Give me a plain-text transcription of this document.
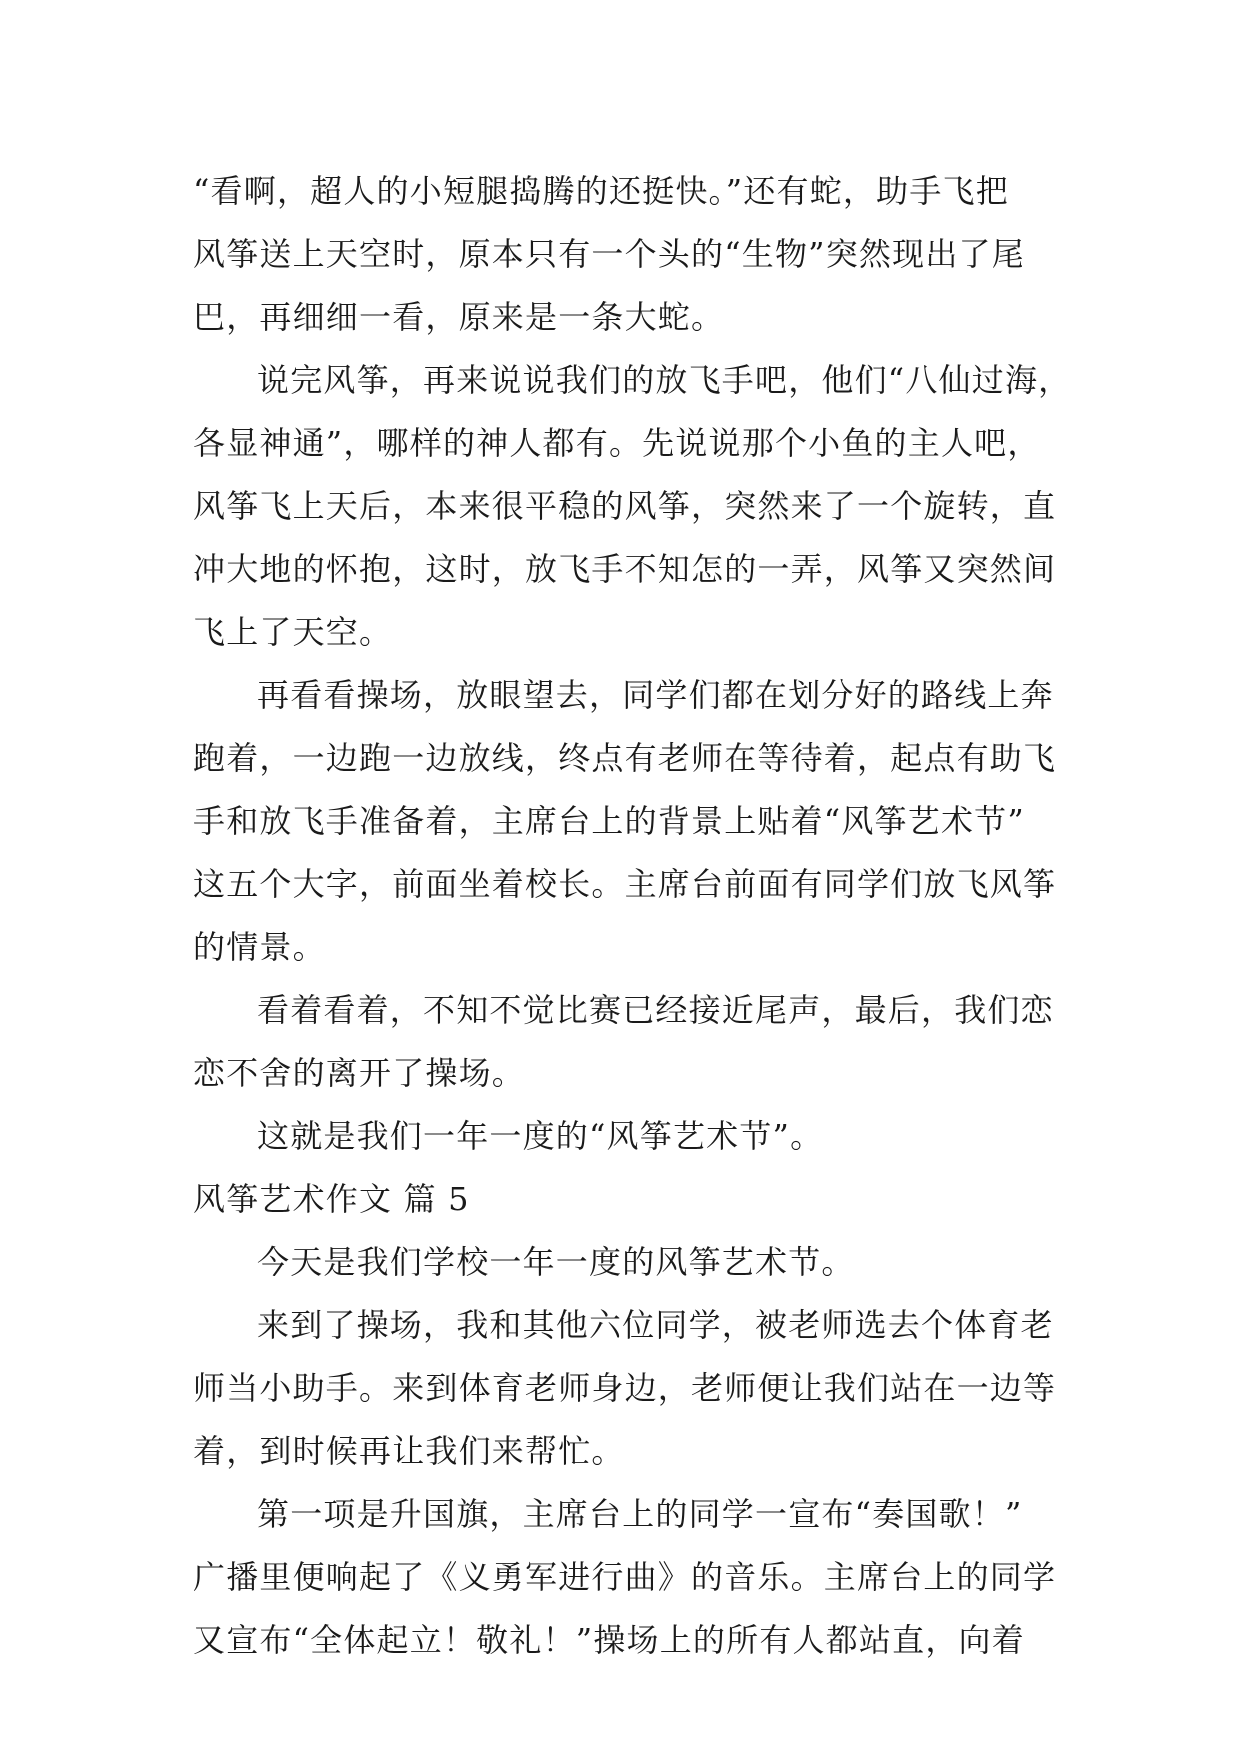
“看啊，超人的小短腿捣腾的还挺快。”还有蛇，助手飞把
风筝送上天空时，原本只有一个头的“生物”突然现出了尾
巴，再细细一看，原来是一条大蛇。
说完风筝，再来说说我们的放飞手吧，他们“八仙过海，
各显神通”，哪样的神人都有。先说说那个小鱼的主人吧，
风筝飞上天后，本来很平稳的风筝，突然来了一个旋转，直
冲大地的怀抱，这时，放飞手不知怎的一弄，风筝又突然间
飞上了天空。
再看看操场，放眼望去，同学们都在划分好的路线上奔
跑着，一边跑一边放线，终点有老师在等待着，起点有助飞
手和放飞手准备着，主席台上的背景上贴着“风筝艺术节”
这五个大字，前面坐着校长。主席台前面有同学们放飞风筝
的情景。
看着看着，不知不觉比赛已经接近尾声，最后，我们恋
恋不舍的离开了操场。
这就是我们一年一度的“风筝艺术节”。
风筝艺术作文 篇 5
今天是我们学校一年一度的风筝艺术节。
来到了操场，我和其他六位同学，被老师选去个体育老
师当小助手。来到体育老师身边，老师便让我们站在一边等
着，到时候再让我们来帮忙。
第一项是升国旗，主席台上的同学一宣布“奏国歌！”
广播里便响起了《义勇军进行曲》的音乐。主席台上的同学
又宣布“全体起立！敬礼！”操场上的所有人都站直，向着
